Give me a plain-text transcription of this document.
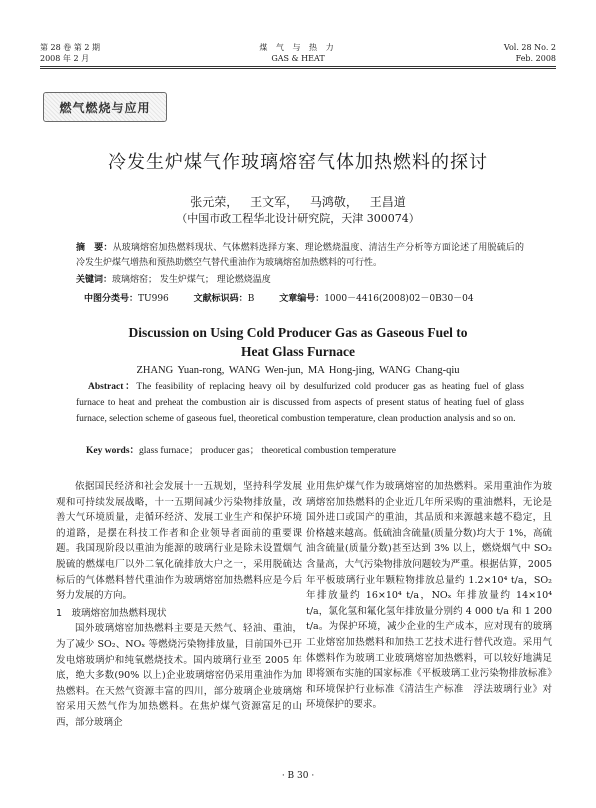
第 28 卷 第 2 期
2008 年 2 月
煤 气 与 热 力
GAS & HEAT
Vol. 28 No. 2
Feb. 2008
燃气燃烧与应用
冷发生炉煤气作玻璃熔窑气体加热燃料的探讨
张元荣， 王文军， 马鸿敬， 王昌道
（中国市政工程华北设计研究院，天津 300074）
摘　要：从玻璃熔窑加热燃料现状、气体燃料选择方案、理论燃烧温度、清洁生产分析等方面论述了用脱硫后的冷发生炉煤气增热和预热助燃空气替代重油作为玻璃熔窑加热燃料的可行性。
关键词：玻璃熔窑； 发生炉煤气； 理论燃烧温度
中图分类号：TU996	文献标识码：B	文章编号：1000－4416(2008)02－0B30－04
Discussion on Using Cold Producer Gas as Gaseous Fuel to
Heat Glass Furnace
ZHANG Yuan-rong, WANG Wen-jun, MA Hong-jing, WANG Chang-qiu
Abstract：The feasibility of replacing heavy oil by desulfurized cold producer gas as heating fuel of glass furnace to heat and preheat the combustion air is discussed from aspects of present status of heating fuel of glass furnace, selection scheme of gaseous fuel, theoretical combustion temperature, clean production analysis and so on.
Key words：glass furnace； producer gas； theoretical combustion temperature

依据国民经济和社会发展十一五规划，坚持科学发展观和可持续发展战略，十一五期间减少污染物排放量，改善大气环境质量，走循环经济、发展工业生产和保护环境的道路，是摆在科技工作者和企业领导者面前的重要课题。我国现阶段以重油为能源的玻璃行业是除未设置烟气脱硫的燃煤电厂以外二氧化硫排放大户之一，采用脱硫达标后的气体燃料替代重油作为玻璃熔窑加热燃料应是今后努力发展的方向。

1　玻璃熔窑加热燃料现状

国外玻璃熔窑加热燃料主要是天然气、轻油、重油，为了减少 SO₂、NOₓ 等燃烧污染物排放量，目前国外已开发电熔玻璃炉和纯氧燃烧技术。国内玻璃行业至 2005 年底，绝大多数(90% 以上)企业玻璃熔窑仍采用重油作为加热燃料。在天然气资源丰富的四川，部分玻璃企业玻璃熔窑采用天然气作为加热燃料。在焦炉煤气资源富足的山西，部分玻璃企

业用焦炉煤气作为玻璃熔窑的加热燃料。采用重油作为玻璃熔窑加热燃料的企业近几年所采购的重油燃料，无论是国外进口或国产的重油，其品质和来源越来越不稳定，且价格越来越高。低硫油含硫量(质量分数)均大于 1%，高硫油含硫量(质量分数)甚至达到 3% 以上，燃烧烟气中 SO₂ 含量高，大气污染物排放问题较为严重。根据估算，2005 年平板玻璃行业年颗粒物排放总量约 1.2×10⁴ t/a，SO₂ 年排放量约 16×10⁴ t/a，NOₓ 年排放量约 14×10⁴ t/a，氯化氢和氟化氢年排放量分别约 4 000 t/a 和 1 200 t/a。为保护环境，减少企业的生产成本，应对现有的玻璃工业熔窑加热燃料和加热工艺技术进行替代改造。采用气体燃料作为玻璃工业玻璃熔窑加热燃料，可以较好地满足即将颁布实施的国家标准《平板玻璃工业污染物排放标准》和环境保护行业标准《清洁生产标准　浮法玻璃行业》对环境保护的要求。

· B 30 ·
